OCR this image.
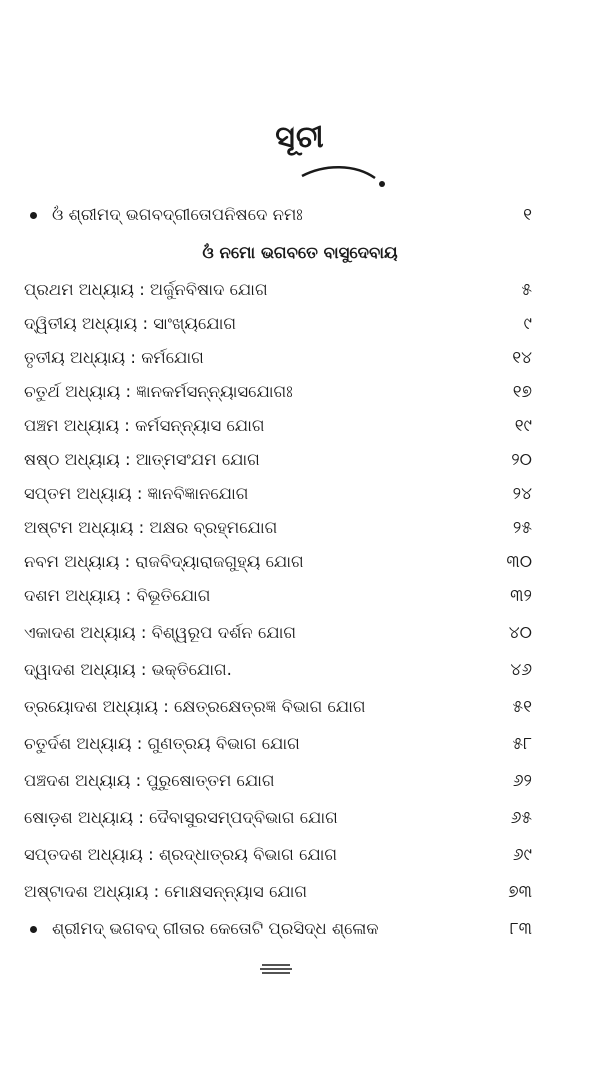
ସୂଚୀ
ଓଁ ଶ୍ରୀମଦ୍ ଭଗବଦ୍ଗୀତୋପନିଷଦେ ନମଃ	୧
ଓଁ ନମୋ ଭଗବତେ ବାସୁଦେବାୟ
ପ୍ରଥମ ଅଧ୍ୟାୟ : ଅର୍ଜୁନବିଷାଦ ଯୋଗ	୫
ଦ୍ୱିତୀୟ ଅଧ୍ୟାୟ : ସାଂଖ୍ୟଯୋଗ	୯
ତୃତୀୟ ଅଧ୍ୟାୟ : କର୍ମଯୋଗ	୧୪
ଚତୁର୍ଥ ଅଧ୍ୟାୟ : ଜ୍ଞାନକର୍ମସନ୍ନ୍ୟାସଯୋଗଃ	୧୭
ପଞ୍ଚମ ଅଧ୍ୟାୟ : କର୍ମସନ୍ନ୍ୟାସ ଯୋଗ	୧୯
ଷଷ୍ଠ ଅଧ୍ୟାୟ : ଆତ୍ମସଂଯମ ଯୋଗ	୨୦
ସପ୍ତମ ଅଧ୍ୟାୟ : ଜ୍ଞାନବିଜ୍ଞାନଯୋଗ	୨୪
ଅଷ୍ଟମ ଅଧ୍ୟାୟ : ଅକ୍ଷର ବ୍ରହ୍ମଯୋଗ	୨୫
ନବମ ଅଧ୍ୟାୟ : ରାଜବିଦ୍ୟାରାଜଗୁହ୍ୟ ଯୋଗ	୩୦
ଦଶମ ଅଧ୍ୟାୟ : ବିଭୂତିଯୋଗ	୩୨
ଏକାଦଶ ଅଧ୍ୟାୟ : ବିଶ୍ୱରୂପ ଦର୍ଶନ ଯୋଗ	୪୦
ଦ୍ୱାଦଶ ଅଧ୍ୟାୟ : ଭକ୍ତିଯୋଗ.	୪୬
ତ୍ରୟୋଦଶ ଅଧ୍ୟାୟ : କ୍ଷେତ୍ରକ୍ଷେତ୍ରଜ୍ଞ ବିଭାଗ ଯୋଗ	୫୧
ଚତୁର୍ଦଶ ଅଧ୍ୟାୟ : ଗୁଣତ୍ରୟ ବିଭାଗ ଯୋଗ	୫୮
ପଞ୍ଚଦଶ ଅଧ୍ୟାୟ : ପୁରୁଷୋତ୍ତମ ଯୋଗ	୬୨
ଷୋଡ଼ଶ ଅଧ୍ୟାୟ : ଦୈବାସୁରସମ୍ପଦ୍ବିଭାଗ ଯୋଗ	୬୫
ସପ୍ତଦଶ ଅଧ୍ୟାୟ : ଶ୍ରଦ୍ଧାତ୍ରୟ ବିଭାଗ ଯୋଗ	୬୯
ଅଷ୍ଟାଦଶ ଅଧ୍ୟାୟ : ମୋକ୍ଷସନ୍ନ୍ୟାସ ଯୋଗ	୭୩
ଶ୍ରୀମଦ୍ ଭଗବଦ୍ ଗୀତାର କେତୋଟି ପ୍ରସିଦ୍ଧ ଶ୍ଳୋକ	୮୩
